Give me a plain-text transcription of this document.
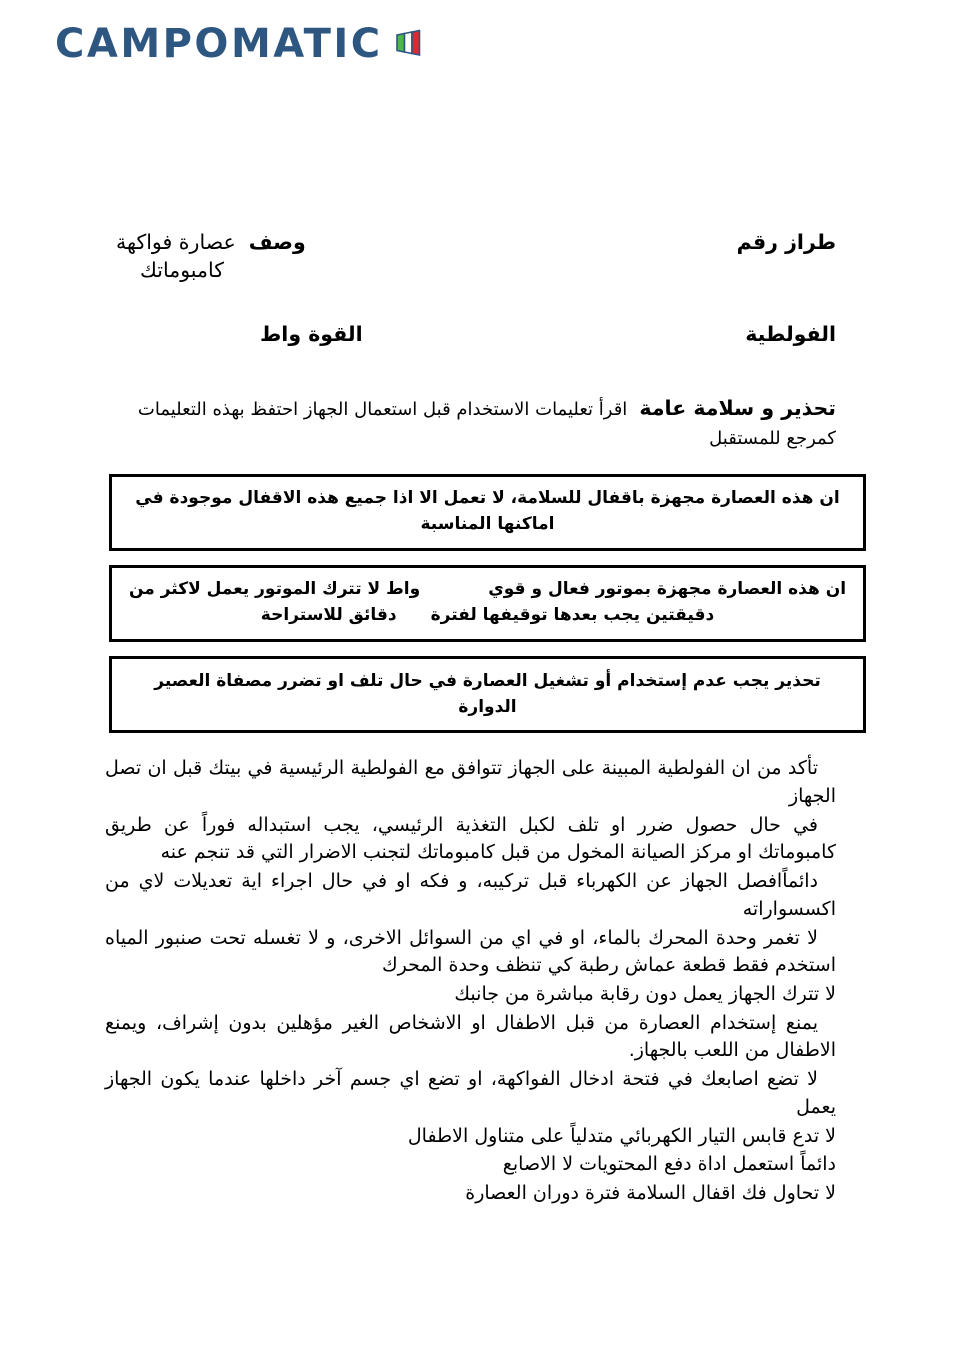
CAMPOMATIC
طراز رقم
وصف  عصارة فواكهة
كامبوماتك
الفولطية
القوة واط
تحذير و سلامة عامة  اقرأ تعليمات الاستخدام قبل استعمال الجهاز احتفظ بهذه التعليمات كمرجع للمستقبل
ان هذه العصارة مجهزة باقفال للسلامة، لا تعمل الا اذا جميع هذه الاقفال موجودة في اماكنها المناسبة
ان هذه العصارة مجهزة بموتور فعال و قويواط لا تترك الموتور يعمل لاكثر من دقيقتين يجب بعدها توقيفها لفترةدقائق للاستراحة
تحذير يجب عدم إستخدام أو تشغيل العصارة في حال تلف او تضرر مصفاة العصير الدوارة

تأكد من ان الفولطية المبينة على الجهاز تتوافق مع الفولطية الرئيسية في بيتك قبل ان تصل الجهاز

في حال حصول ضرر او تلف لكبل التغذية الرئيسي، يجب استبداله فوراً عن طريق كامبوماتك او مركز الصيانة المخول من قبل كامبوماتك لتجنب الاضرار التي قد تنجم عنه

دائماًافصل الجهاز عن الكهرباء قبل تركيبه، و فكه او في حال اجراء اية تعديلات لاي من اكسسواراته

لا تغمر وحدة المحرك بالماء، او في اي من السوائل الاخرى، و لا تغسله تحت صنبور المياه استخدم فقط قطعة عماش رطبة كي تنظف وحدة المحرك

لا تترك الجهاز يعمل دون رقابة مباشرة من جانبك

يمنع إستخدام العصارة من قبل الاطفال او الاشخاص الغير مؤهلين بدون إشراف، ويمنع الاطفال من اللعب بالجهاز.

لا تضع اصابعك في فتحة ادخال الفواكهة، او تضع اي جسم آخر داخلها عندما يكون الجهاز يعمل

لا تدع قابس التيار الكهربائي متدلياً على متناول الاطفال

دائماً استعمل اداة دفع المحتويات لا الاصابع

لا تحاول فك اقفال السلامة فترة دوران العصارة
